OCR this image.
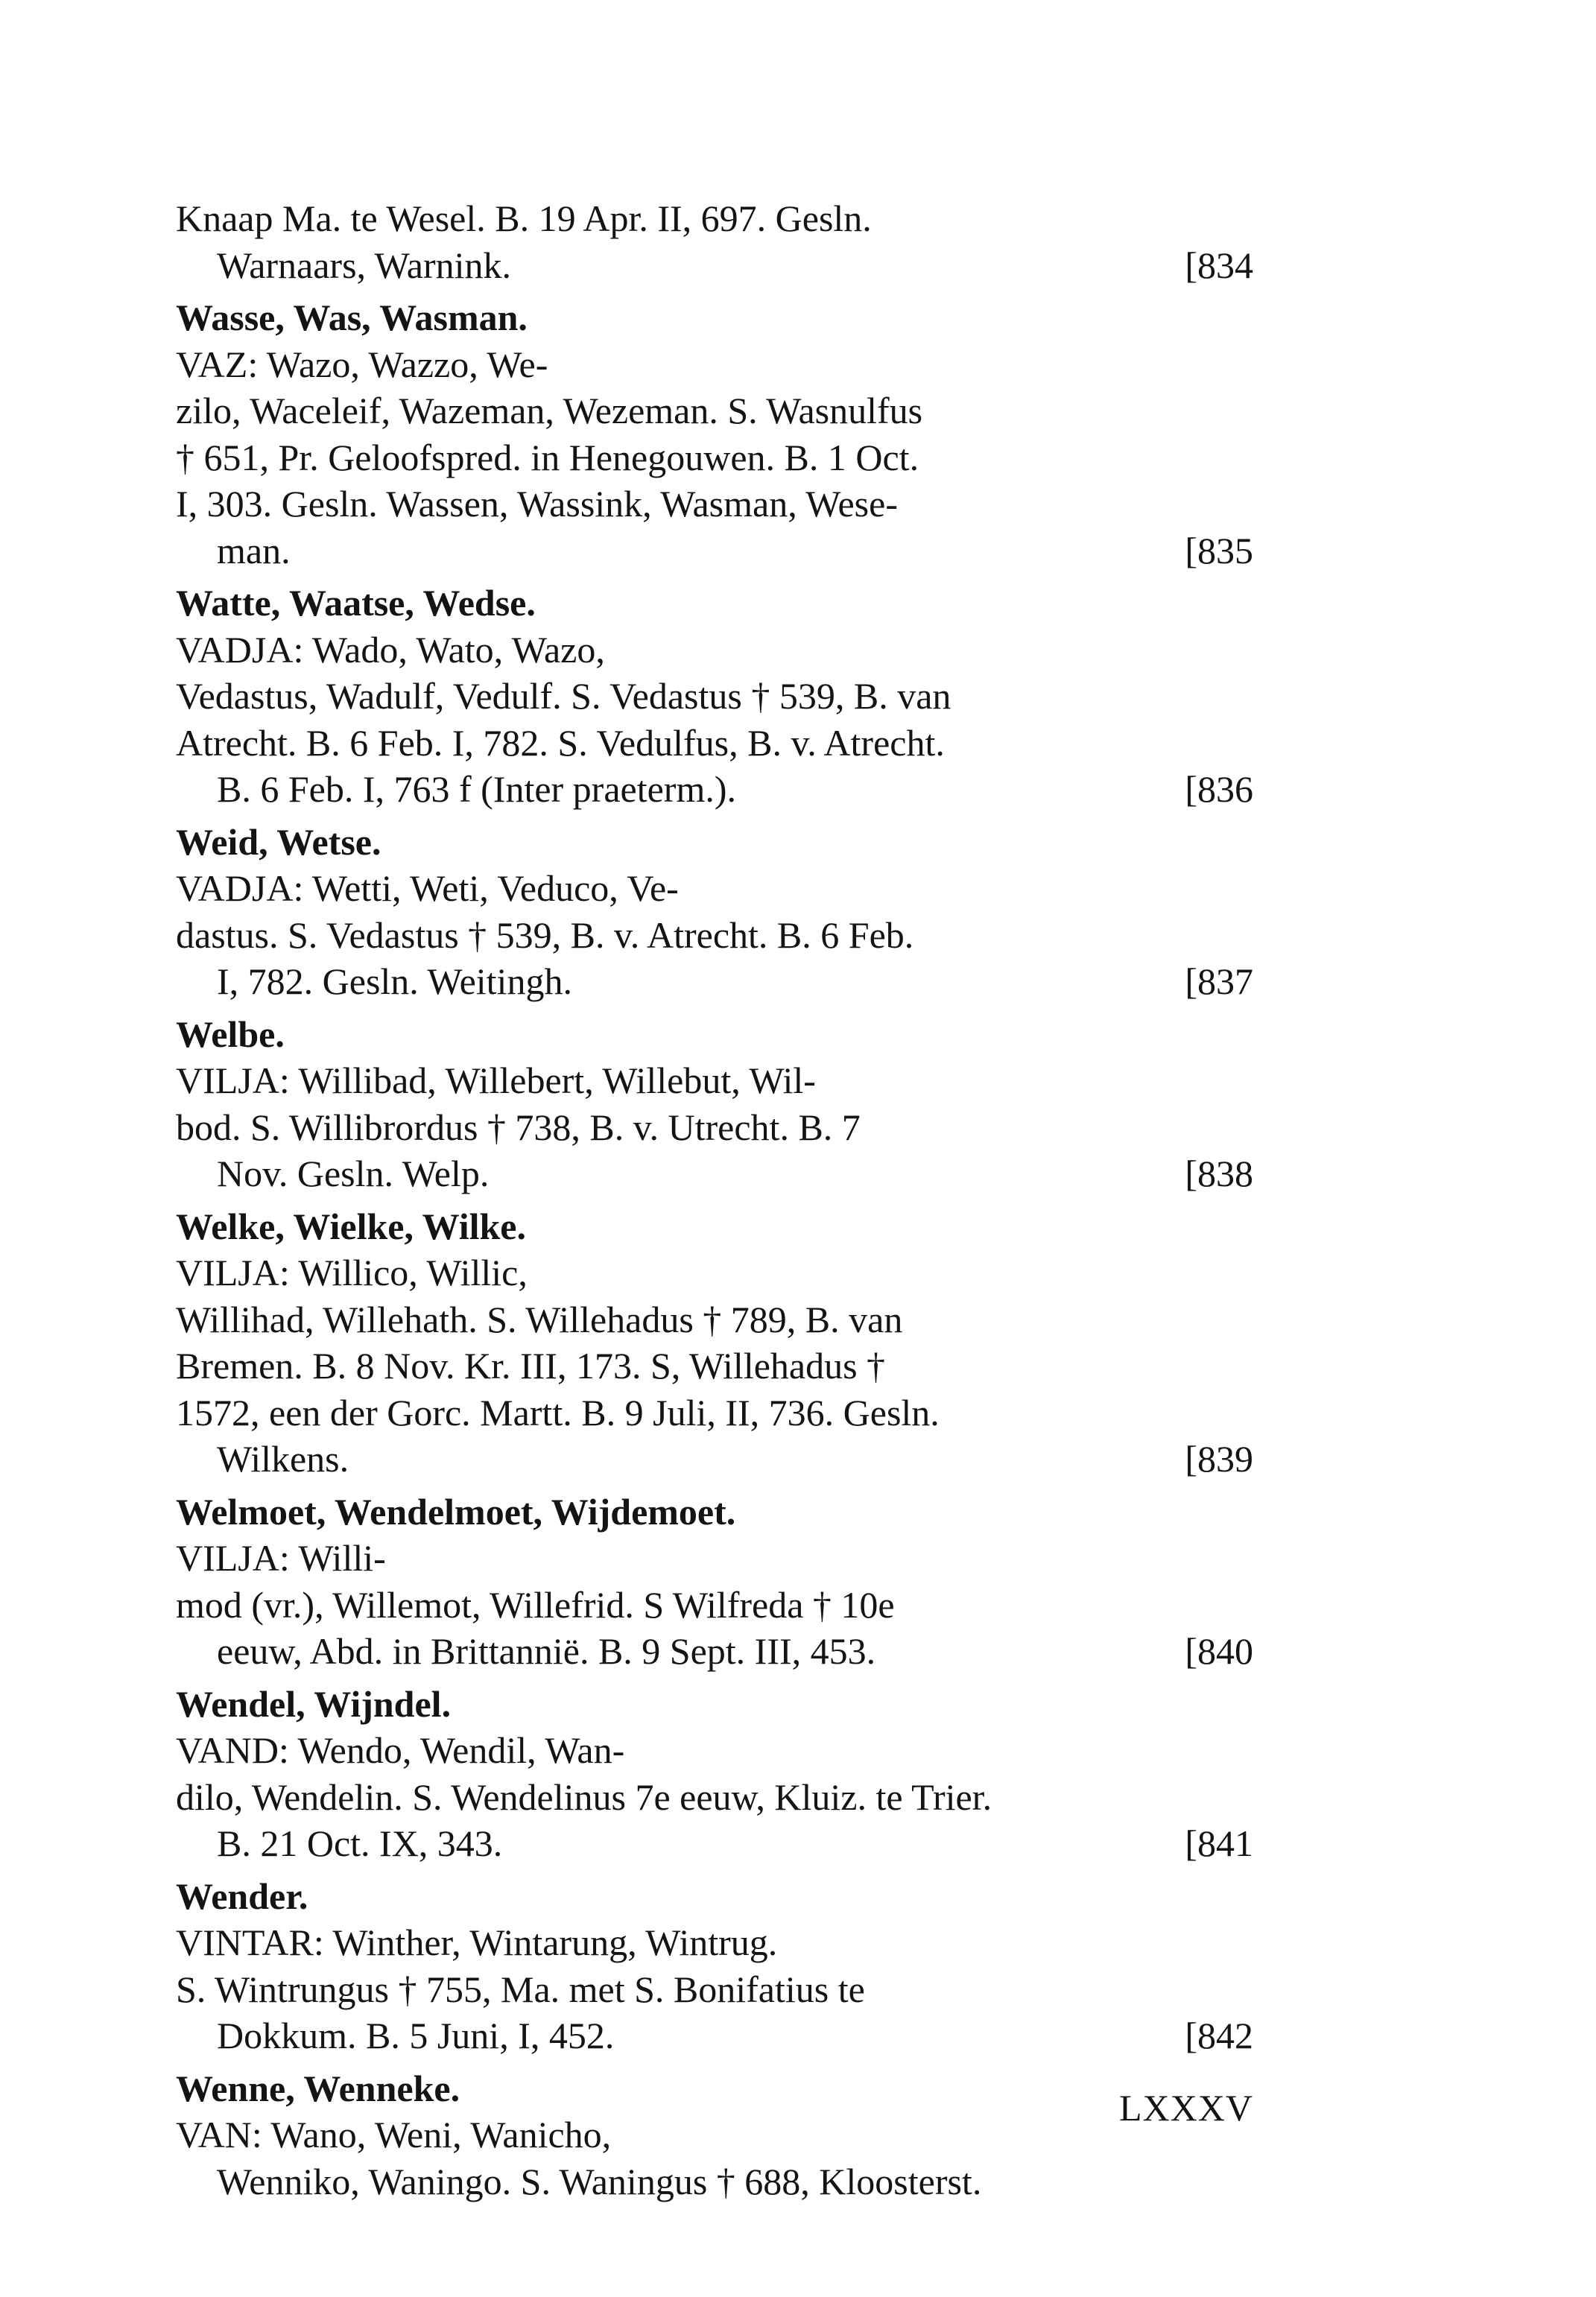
Knaap Ma. te Wesel. B. 19 Apr. II, 697. Gesln.
Warnaars, Warnink.	[834
Wasse, Was, Wasman.
VAZ: Wazo, Wazzo, We-
zilo, Waceleif, Wazeman, Wezeman. S. Wasnulfus
† 651, Pr. Geloofspred. in Henegouwen. B. 1 Oct.
I, 303. Gesln. Wassen, Wassink, Wasman, Wese-
man.	[835
Watte, Waatse, Wedse.
VADJA: Wado, Wato, Wazo,
Vedastus, Wadulf, Vedulf. S. Vedastus † 539, B. van
Atrecht. B. 6 Feb. I, 782. S. Vedulfus, B. v. Atrecht.
B. 6 Feb. I, 763 f (Inter praeterm.).	[836
Weid, Wetse.
VADJA: Wetti, Weti, Veduco, Ve-
dastus. S. Vedastus † 539, B. v. Atrecht. B. 6 Feb.
I, 782. Gesln. Weitingh.	[837
Welbe.
VILJA: Willibad, Willebert, Willebut, Wil-
bod. S. Willibrordus † 738, B. v. Utrecht. B. 7
Nov. Gesln. Welp.	[838
Welke, Wielke, Wilke.
VILJA: Willico, Willic,
Willihad, Willehath. S. Willehadus † 789, B. van
Bremen. B. 8 Nov. Kr. III, 173. S, Willehadus †
1572, een der Gorc. Martt. B. 9 Juli, II, 736. Gesln.
Wilkens.	[839
Welmoet, Wendelmoet, Wijdemoet.
VILJA: Willi-
mod (vr.), Willemot, Willefrid. S Wilfreda † 10e
eeuw, Abd. in Brittannië. B. 9 Sept. III, 453.	[840
Wendel, Wijndel.
VAND: Wendo, Wendil, Wan-
dilo, Wendelin. S. Wendelinus 7e eeuw, Kluiz. te Trier.
B. 21 Oct. IX, 343.	[841
Wender.
VINTAR: Winther, Wintarung, Wintrug.
S. Wintrungus † 755, Ma. met S. Bonifatius te
Dokkum. B. 5 Juni, I, 452.	[842
Wenne, Wenneke.
VAN: Wano, Weni, Wanicho,
Wenniko, Waningo. S. Waningus † 688, Kloosterst.
LXXXV
